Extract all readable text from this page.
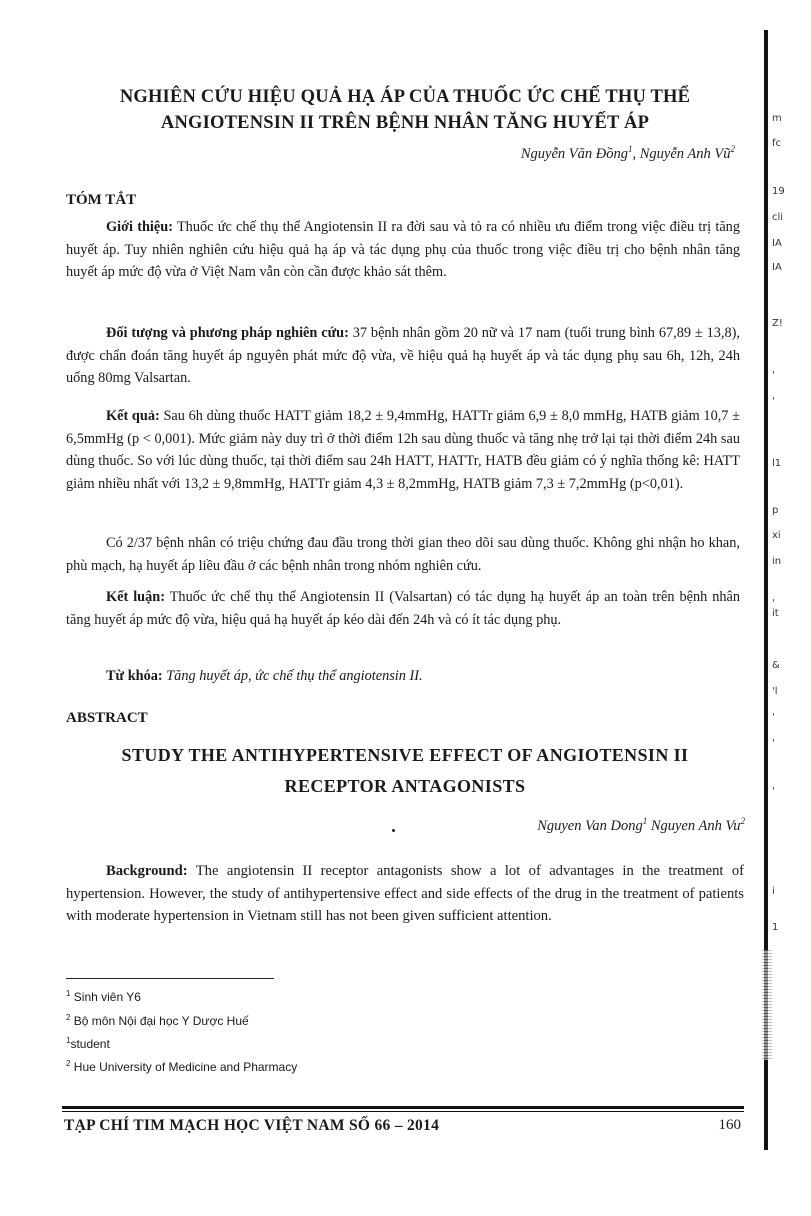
NGHIÊN CỨU HIỆU QUẢ HẠ ÁP CỦA THUỐC ỨC CHẾ THỤ THỂ
ANGIOTENSIN II TRÊN BỆNH NHÂN TĂNG HUYẾT ÁP
Nguyễn Văn Đồng$^1$, Nguyễn Anh $Vũ^2$
TÓM TẮT
Giới thiệu: Thuốc ức chế thụ thể Angiotensin II ra đời sau và tỏ ra có nhiều ưu điểm trong việc điều trị tăng huyết áp. Tuy nhiên nghiên cứu hiệu quả hạ áp và tác dụng phụ của thuốc trong việc điều trị cho bệnh nhân tăng huyết áp mức độ vừa ở Việt Nam vẫn còn cần được khảo sát thêm.
Đối tượng và phương pháp nghiên cứu: 37 bệnh nhân gồm 20 nữ và 17 nam (tuổi trung bình 67,89 ± 13,8), được chẩn đoán tăng huyết áp nguyên phát mức độ vừa, về hiệu quả hạ huyết áp và tác dụng phụ sau 6h, 12h, 24h uống 80mg Valsartan.
Kết quả: Sau 6h dùng thuốc HATT giảm 18,2 ± 9,4mmHg, HATTr giảm 6,9 ± 8,0 mmHg, HATB giảm 10,7 ± 6,5mmHg (p < 0,001). Mức giảm này duy trì ở thời điểm 12h sau dùng thuốc và tăng nhẹ trở lại tại thời điểm 24h sau dùng thuốc. So với lúc dùng thuốc, tại thời điểm sau 24h HATT, HATTr, HATB đều giảm có ý nghĩa thống kê: HATT giảm nhiều nhất với 13,2 ± 9,8mmHg, HATTr giảm 4,3 ± 8,2mmHg, HATB giảm 7,3 ± 7,2mmHg (p<0,01).
Có 2/37 bệnh nhân có triệu chứng đau đầu trong thời gian theo dõi sau dùng thuốc. Không ghi nhận ho khan, phù mạch, hạ huyết áp liều đầu ở các bệnh nhân trong nhóm nghiên cứu.
Kết luận: Thuốc ức chế thụ thể Angiotensin II (Valsartan) có tác dụng hạ huyết áp an toàn trên bệnh nhân tăng huyết áp mức độ vừa, hiệu quả hạ huyết áp kéo dài đến 24h và có ít tác dụng phụ.
Từ khóa: Tăng huyết áp, ức chế thụ thể angiotensin II.
ABSTRACT
STUDY THE ANTIHYPERTENSIVE EFFECT OF ANGIOTENSIN II
RECEPTOR ANTAGONISTS
Nguyen Van Dong$^1$ Nguyen Anh Vu$^2$
Background: The angiotensin II receptor antagonists show a lot of advantages in the treatment of hypertension. However, the study of antihypertensive effect and side effects of the drug in the treatment of patients with moderate hypertension in Vietnam still has not been given sufficient attention.
$^1$ Sinh viên Y6
$^2$ Bộ môn Nội đại học Y Dược Huế
$^1$student
$^2$ Hue University of Medicine and Pharmacy
TẠP CHÍ TIM MẠCH HỌC VIỆT NAM SỐ 66 – 2014	160
m
fc
19
cli
IA
IA
Z!
'
'
l1
p
xi
in
'
it
&
'l
'
'
'
i
1
